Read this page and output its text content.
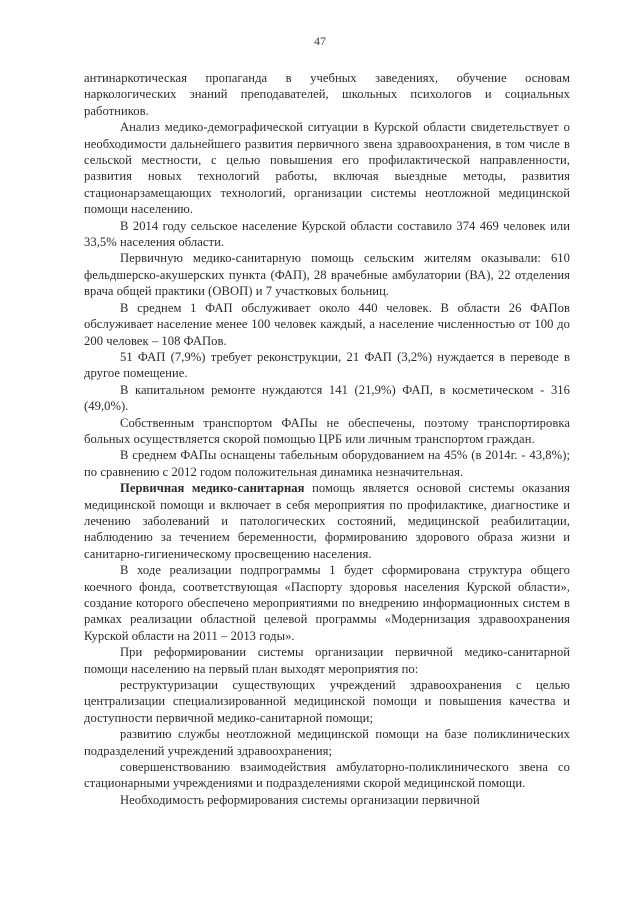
47

антинаркотическая пропаганда в учебных заведениях, обучение основам наркологических знаний преподавателей, школьных психологов и социальных работников.

Анализ медико-демографической ситуации в Курской области свидетельствует о необходимости дальнейшего развития первичного звена здравоохранения, в том числе в сельской местности, с целью повышения его профилактической направленности, развития новых технологий работы, включая выездные методы, развития стационарзамещающих технологий, организации системы неотложной медицинской помощи населению.

В 2014 году сельское население Курской области составило 374 469 человек или 33,5% населения области.

Первичную медико-санитарную помощь сельским жителям оказывали: 610 фельдшерско-акушерских пункта (ФАП), 28 врачебные амбулатории (ВА), 22 отделения врача общей практики (ОВОП) и 7 участковых больниц.

В среднем 1 ФАП обслуживает около 440 человек. В области 26 ФАПов обслуживает население менее 100 человек каждый, а население численностью от 100 до 200 человек – 108 ФАПов.

51 ФАП (7,9%) требует реконструкции, 21 ФАП (3,2%) нуждается в переводе в другое помещение.

В капитальном ремонте нуждаются 141 (21,9%) ФАП, в косметическом - 316 (49,0%).

Собственным транспортом ФАПы не обеспечены, поэтому транспортировка больных осуществляется скорой помощью ЦРБ или личным транспортом граждан.

В среднем ФАПы оснащены табельным оборудованием на 45% (в 2014г. - 43,8%); по сравнению с 2012 годом положительная динамика незначительная.

Первичная медико-санитарная помощь является основой системы оказания медицинской помощи и включает в себя мероприятия по профилактике, диагностике и лечению заболеваний и патологических состояний, медицинской реабилитации, наблюдению за течением беременности, формированию здорового образа жизни и санитарно-гигиеническому просвещению населения.

В ходе реализации подпрограммы 1 будет сформирована структура общего коечного фонда, соответствующая «Паспорту здоровья населения Курской области», создание которого обеспечено мероприятиями по внедрению информационных систем в рамках реализации областной целевой программы «Модернизация здравоохранения Курской области на 2011 – 2013 годы».

При реформировании системы организации первичной медико-санитарной помощи населению на первый план выходят мероприятия по:

реструктуризации существующих учреждений здравоохранения с целью централизации специализированной медицинской помощи и повышения качества и доступности первичной медико-санитарной помощи;

развитию службы неотложной медицинской помощи на базе поликлинических подразделений учреждений здравоохранения;

совершенствованию взаимодействия амбулаторно-поликлинического звена со стационарными учреждениями и подразделениями скорой медицинской помощи.

Необходимость реформирования системы организации первичной
